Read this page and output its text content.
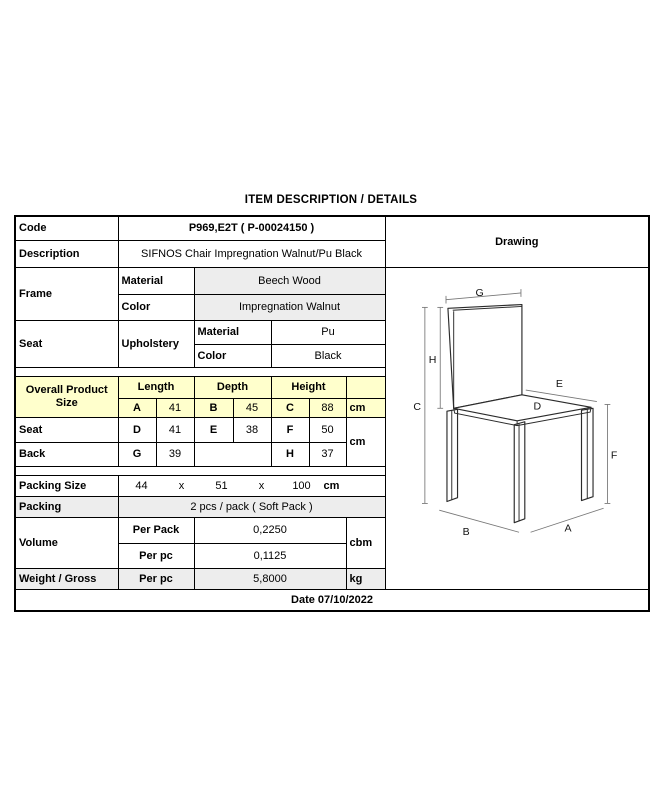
ITEM DESCRIPTION / DETAILS
Code	P969,E2T ( P-00024150 )							Drawing
Description	SIFNOS Chair Impregnation Walnut/Pu Black							
Frame	Material	Beech Wood	
G
H
C
E
D
F
B	A

	Color		Impregnation Walnut					
Seat	Upholstery		Material		Pu			
			Color		Black			

Overall Product Size	Length		Depth		Height			
	A	41	B	45	C	88	cm	
Seat	D	41	E	38	F	50	cm	
Back	G	39			H	37		

Packing Size	44	x	51	x	100	cm

Packing	2 pcs / pack ( Soft Pack )							
Volume	Per Pack		0,2250				cbm	
	Per pc		0,1125					
Weight / Gross	Per pc		5,8000				kg	
Date 07/10/2022								
